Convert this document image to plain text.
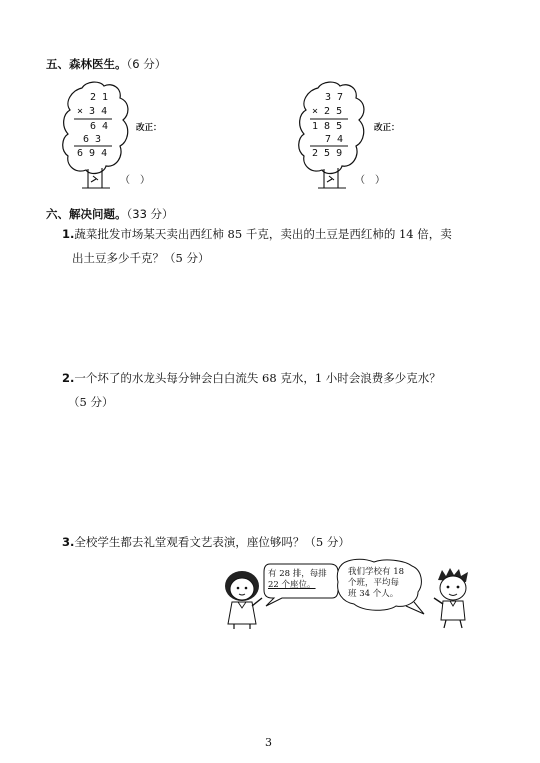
五、森林医生。（6 分）
2 1
× 3 4
6 4
6 3
6 9 4
改正：
（　）
3 7
× 2 5
1 8 5
7 4
2 5 9
改正：
（　）
六、解决问题。（33 分）
1.蔬菜批发市场某天卖出西红柿 85 千克，卖出的土豆是西红柿的 14 倍，卖
出土豆多少千克？（5 分）
2.一个坏了的水龙头每分钟会白白流失 68 克水，1 小时会浪费多少克水？
（5 分）
3.全校学生都去礼堂观看文艺表演，座位够吗？（5 分）
有 28 排，每排
22 个座位。
我们学校有 18
个班，平均每
班 34 个人。
3
